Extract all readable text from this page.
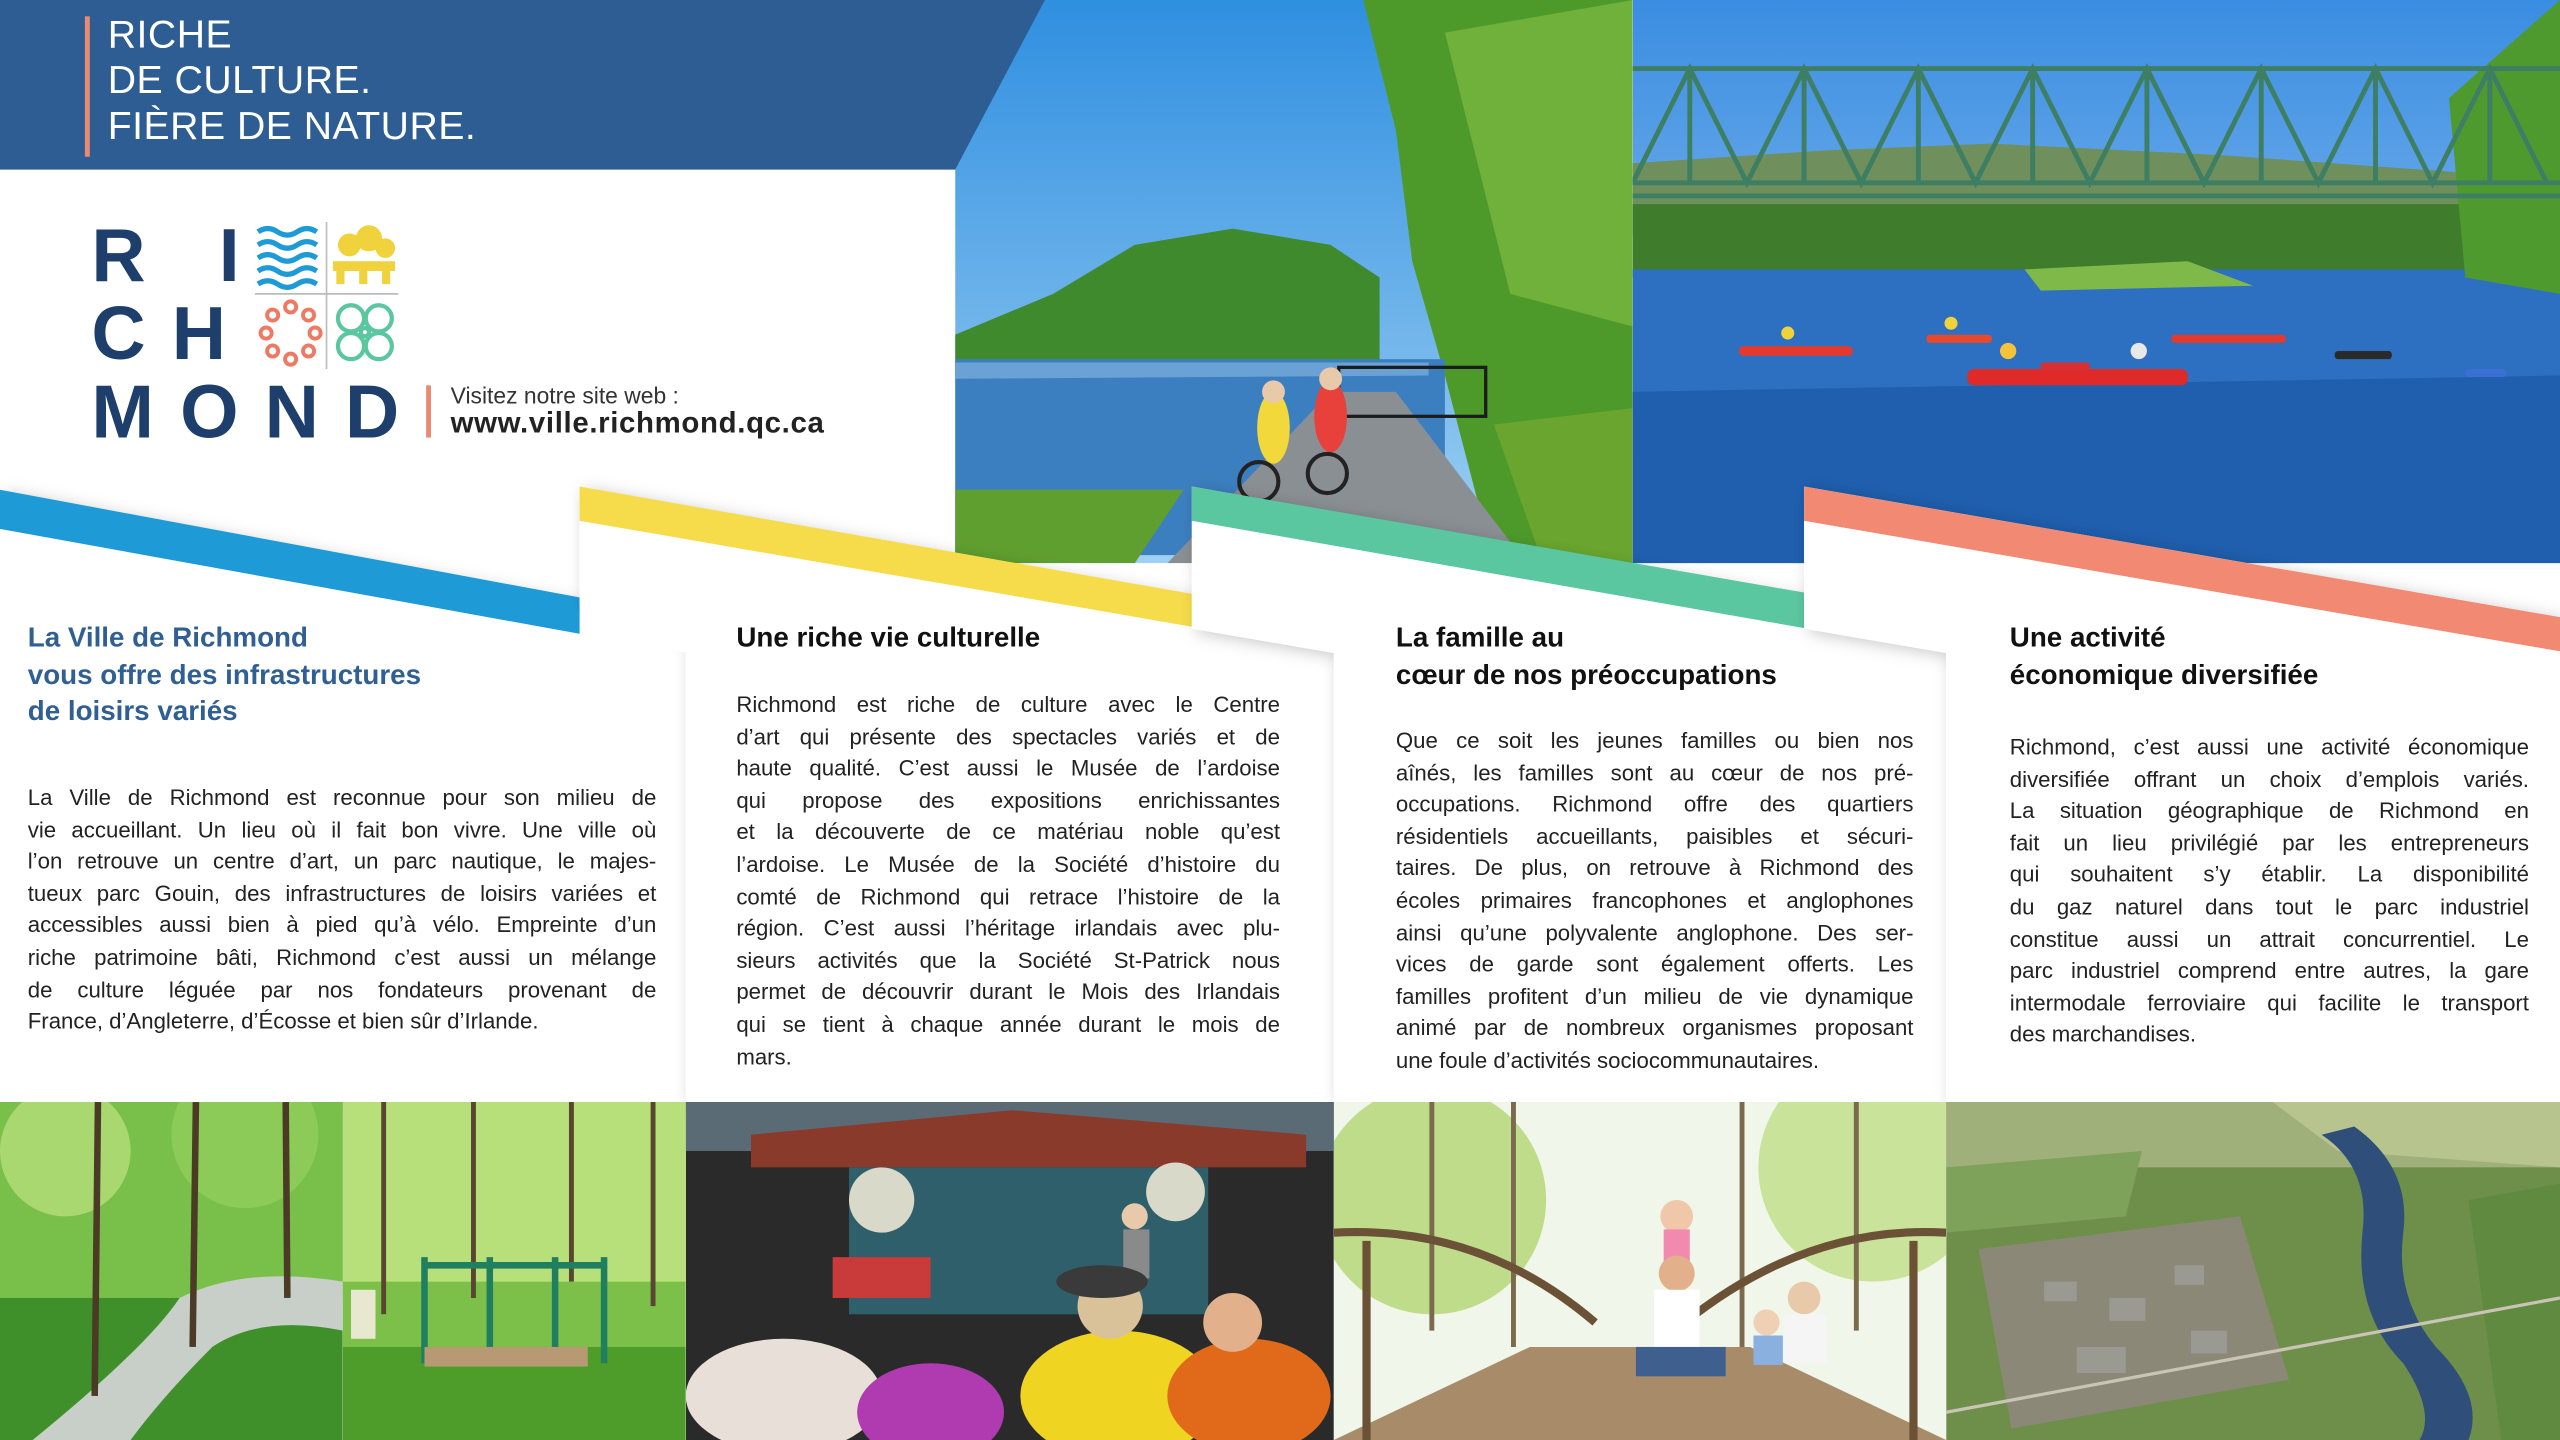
RICHE
DE CULTURE.
FIÈRE DE NATURE.
R I
CH
MOND Visitez notre site web :
www.ville.richmond.qc.ca
La Ville de Richmond
vous offre des infrastructures
de loisirs variés
La Ville de Richmond est reconnue pour son milieu de
vie accueillant. Un lieu où il fait bon vivre. Une ville où
l’on retrouve un centre d’art, un parc nautique, le majes-
tueux parc Gouin, des infrastructures de loisirs variées et
accessibles aussi bien à pied qu’à vélo. Empreinte d’un
riche patrimoine bâti, Richmond c’est aussi un mélange
de culture léguée par nos fondateurs provenant de
France, d’Angleterre, d’Écosse et bien sûr d’Irlande.
Une riche vie culturelle
Richmond est riche de culture avec le Centre
d’art qui présente des spectacles variés et de
haute qualité. C’est aussi le Musée de l’ardoise
qui propose des expositions enrichissantes
et la découverte de ce matériau noble qu’est
l’ardoise. Le Musée de la Société d’histoire du
comté de Richmond qui retrace l’histoire de la
région. C’est aussi l’héritage irlandais avec plu-
sieurs activités que la Société St-Patrick nous
permet de découvrir durant le Mois des Irlandais
qui se tient à chaque année durant le mois de
mars.
La famille au
cœur de nos préoccupations
Que ce soit les jeunes familles ou bien nos
aînés, les familles sont au cœur de nos pré-
occupations. Richmond offre des quartiers
résidentiels accueillants, paisibles et sécuri-
taires. De plus, on retrouve à Richmond des
écoles primaires francophones et anglophones
ainsi qu’une polyvalente anglophone. Des ser-
vices de garde sont également offerts. Les
familles profitent d’un milieu de vie dynamique
animé par de nombreux organismes proposant
une foule d’activités sociocommunautaires.
Une activité
économique diversifiée
Richmond, c’est aussi une activité économique
diversifiée offrant un choix d’emplois variés.
La situation géographique de Richmond en
fait un lieu privilégié par les entrepreneurs
qui souhaitent s’y établir. La disponibilité
du gaz naturel dans tout le parc industriel
constitue aussi un attrait concurrentiel. Le
parc industriel comprend entre autres, la gare
intermodale ferroviaire qui facilite le transport
des marchandises.
